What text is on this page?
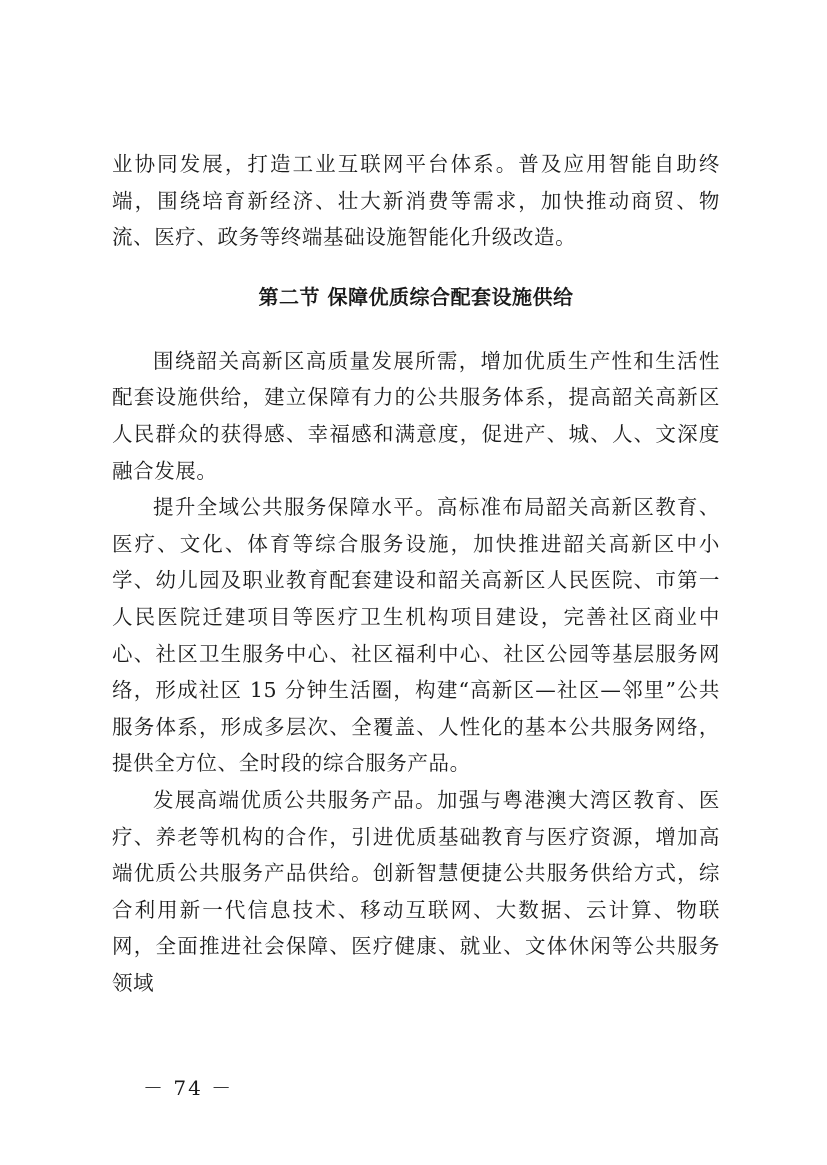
业协同发展，打造工业互联网平台体系。普及应用智能自助终端，围绕培育新经济、壮大新消费等需求，加快推动商贸、物流、医疗、政务等终端基础设施智能化升级改造。

第二节 保障优质综合配套设施供给

围绕韶关高新区高质量发展所需，增加优质生产性和生活性配套设施供给，建立保障有力的公共服务体系，提高韶关高新区人民群众的获得感、幸福感和满意度，促进产、城、人、文深度融合发展。

提升全域公共服务保障水平。高标准布局韶关高新区教育、医疗、文化、体育等综合服务设施，加快推进韶关高新区中小学、幼儿园及职业教育配套建设和韶关高新区人民医院、市第一人民医院迁建项目等医疗卫生机构项目建设，完善社区商业中心、社区卫生服务中心、社区福利中心、社区公园等基层服务网络，形成社区 15 分钟生活圈，构建“高新区—社区—邻里”公共服务体系，形成多层次、全覆盖、人性化的基本公共服务网络，提供全方位、全时段的综合服务产品。

发展高端优质公共服务产品。加强与粤港澳大湾区教育、医疗、养老等机构的合作，引进优质基础教育与医疗资源，增加高端优质公共服务产品供给。创新智慧便捷公共服务供给方式，综合利用新一代信息技术、移动互联网、大数据、云计算、物联网，全面推进社会保障、医疗健康、就业、文体休闲等公共服务领域

－ 74 －
